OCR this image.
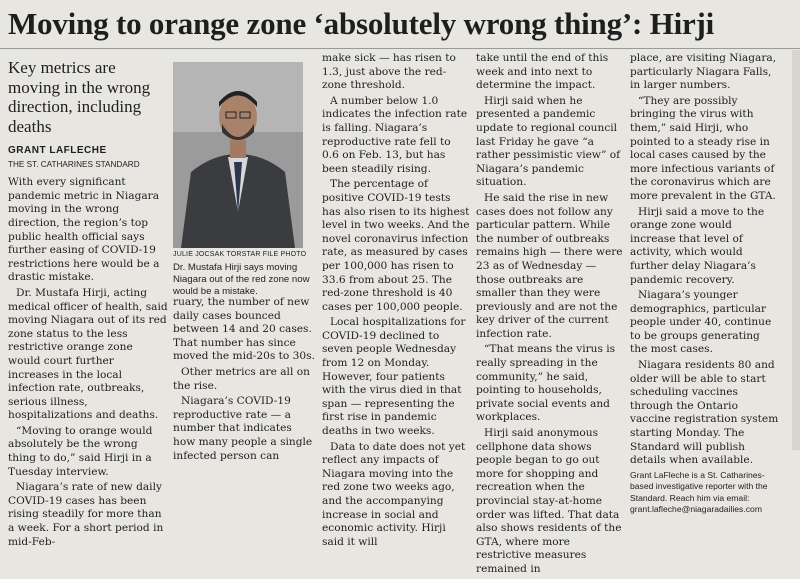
Moving to orange zone ‘absolutely wrong thing’: Hirji
Key metrics are moving in the wrong direction, including deaths
GRANT LAFLECHE
THE ST. CATHARINES STANDARD

With every significant pandemic metric in Niagara moving in the wrong direction, the region’s top public health official says further easing of COVID-19 restrictions here would be a drastic mistake.

Dr. Mustafa Hirji, acting medical officer of health, said moving Niagara out of its red zone status to the less restrictive orange zone would court further increases in the local infection rate, outbreaks, serious illness, hospitalizations and deaths.

“Moving to orange would absolutely be the wrong thing to do,” said Hirji in a Tuesday interview.

Niagara’s rate of new daily COVID-19 cases has been rising steadily for more than a week. For a short period in mid-Feb-

JULIE JOCSAK TORSTAR FILE PHOTO
Dr. Mustafa Hirji says moving Niagara out of the red zone now would be a mistake.

ruary, the number of new daily cases bounced between 14 and 20 cases. That number has since moved the mid-20s to 30s.

Other metrics are all on the rise.

Niagara’s COVID-19 reproductive rate — a number that indicates how many people a single infected person can

make sick — has risen to 1.3, just above the red-zone threshold.

A number below 1.0 indicates the infection rate is falling. Niagara’s reproductive rate fell to 0.6 on Feb. 13, but has been steadily rising.

The percentage of positive COVID-19 tests has also risen to its highest level in two weeks. And the novel coronavirus infection rate, as measured by cases per 100,000 has risen to 33.6 from about 25. The red-zone threshold is 40 cases per 100,000 people.

Local hospitalizations for COVID-19 declined to seven people Wednesday from 12 on Monday. However, four patients with the virus died in that span — representing the first rise in pandemic deaths in two weeks.

Data to date does not yet reflect any impacts of Niagara moving into the red zone two weeks ago, and the accompanying increase in social and economic activity. Hirji said it will

take until the end of this week and into next to determine the impact.

Hirji said when he presented a pandemic update to regional council last Friday he gave “a rather pessimistic view” of Niagara’s pandemic situation.

He said the rise in new cases does not follow any particular pattern. While the number of outbreaks remains high — there were 23 as of Wednesday — those outbreaks are smaller than they were previously and are not the key driver of the current infection rate.

“That means the virus is really spreading in the community,” he said, pointing to households, private social events and workplaces.

Hirji said anonymous cellphone data shows people began to go out more for shopping and recreation when the provincial stay-at-home order was lifted. That data also shows residents of the GTA, where more restrictive measures remained in

place, are visiting Niagara, particularly Niagara Falls, in larger numbers.

“They are possibly bringing the virus with them,” said Hirji, who pointed to a steady rise in local cases caused by the more infectious variants of the coronavirus which are more prevalent in the GTA.

Hirji said a move to the orange zone would increase that level of activity, which would further delay Niagara’s pandemic recovery.

Niagara’s younger demographics, particular people under 40, continue to be groups generating the most cases.

Niagara residents 80 and older will be able to start scheduling vaccines through the Ontario vaccine registration system starting Monday. The Standard will publish details when available.

Grant LaFleche is a St. Catharines-based investigative reporter with the Standard. Reach him via email: grant.lafleche@niagaradailies.com
